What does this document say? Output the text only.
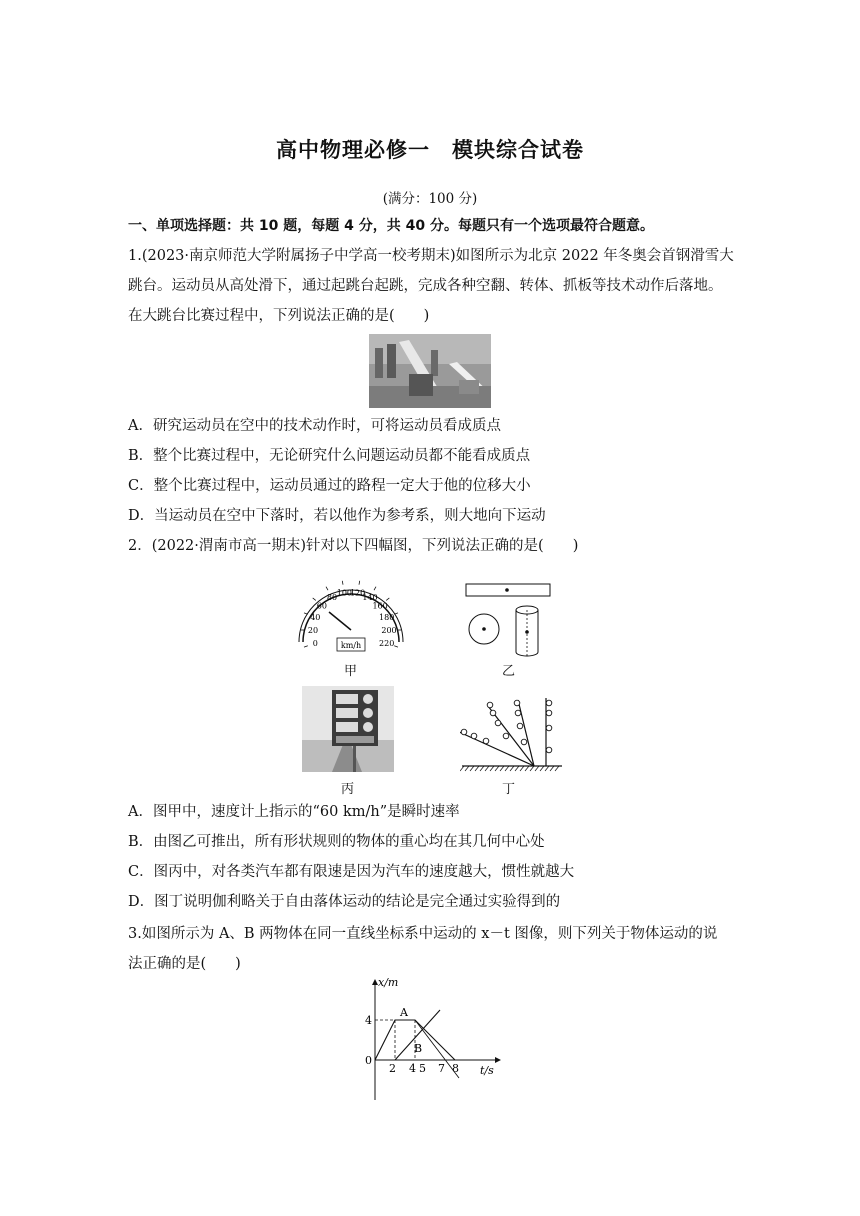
高中物理必修一　模块综合试卷
(满分：100 分)
一、单项选择题：共 10 题，每题 4 分，共 40 分。每题只有一个选项最符合题意。
1.(2023·南京师范大学附属扬子中学高一校考期末)如图所示为北京 2022 年冬奥会首钢滑雪大
跳台。运动员从高处滑下，通过起跳台起跳，完成各种空翻、转体、抓板等技术动作后落地。
在大跳台比赛过程中，下列说法正确的是(　　)
A．研究运动员在空中的技术动作时，可将运动员看成质点
B．整个比赛过程中，无论研究什么问题运动员都不能看成质点
C．整个比赛过程中，运动员通过的路程一定大于他的位移大小
D．当运动员在空中下落时，若以他作为参考系，则大地向下运动
2．(2022·渭南市高一期末)针对以下四幅图，下列说法正确的是(　　)
0
20
40
60
80 100
120
140
160
180
200
220
km/h
甲	乙
丙	丁
A．图甲中，速度计上指示的“60 km/h”是瞬时速率
B．由图乙可推出，所有形状规则的物体的重心均在其几何中心处
C．图丙中，对各类汽车都有限速是因为汽车的速度越大，惯性就越大
D．图丁说明伽利略关于自由落体运动的结论是完全通过实验得到的
3.如图所示为 A、B 两物体在同一直线坐标系中运动的 x－t 图像，则下列关于物体运动的说
法正确的是(　　)
x/m
t/s
4
0
2 4 5 7 8
A
B
